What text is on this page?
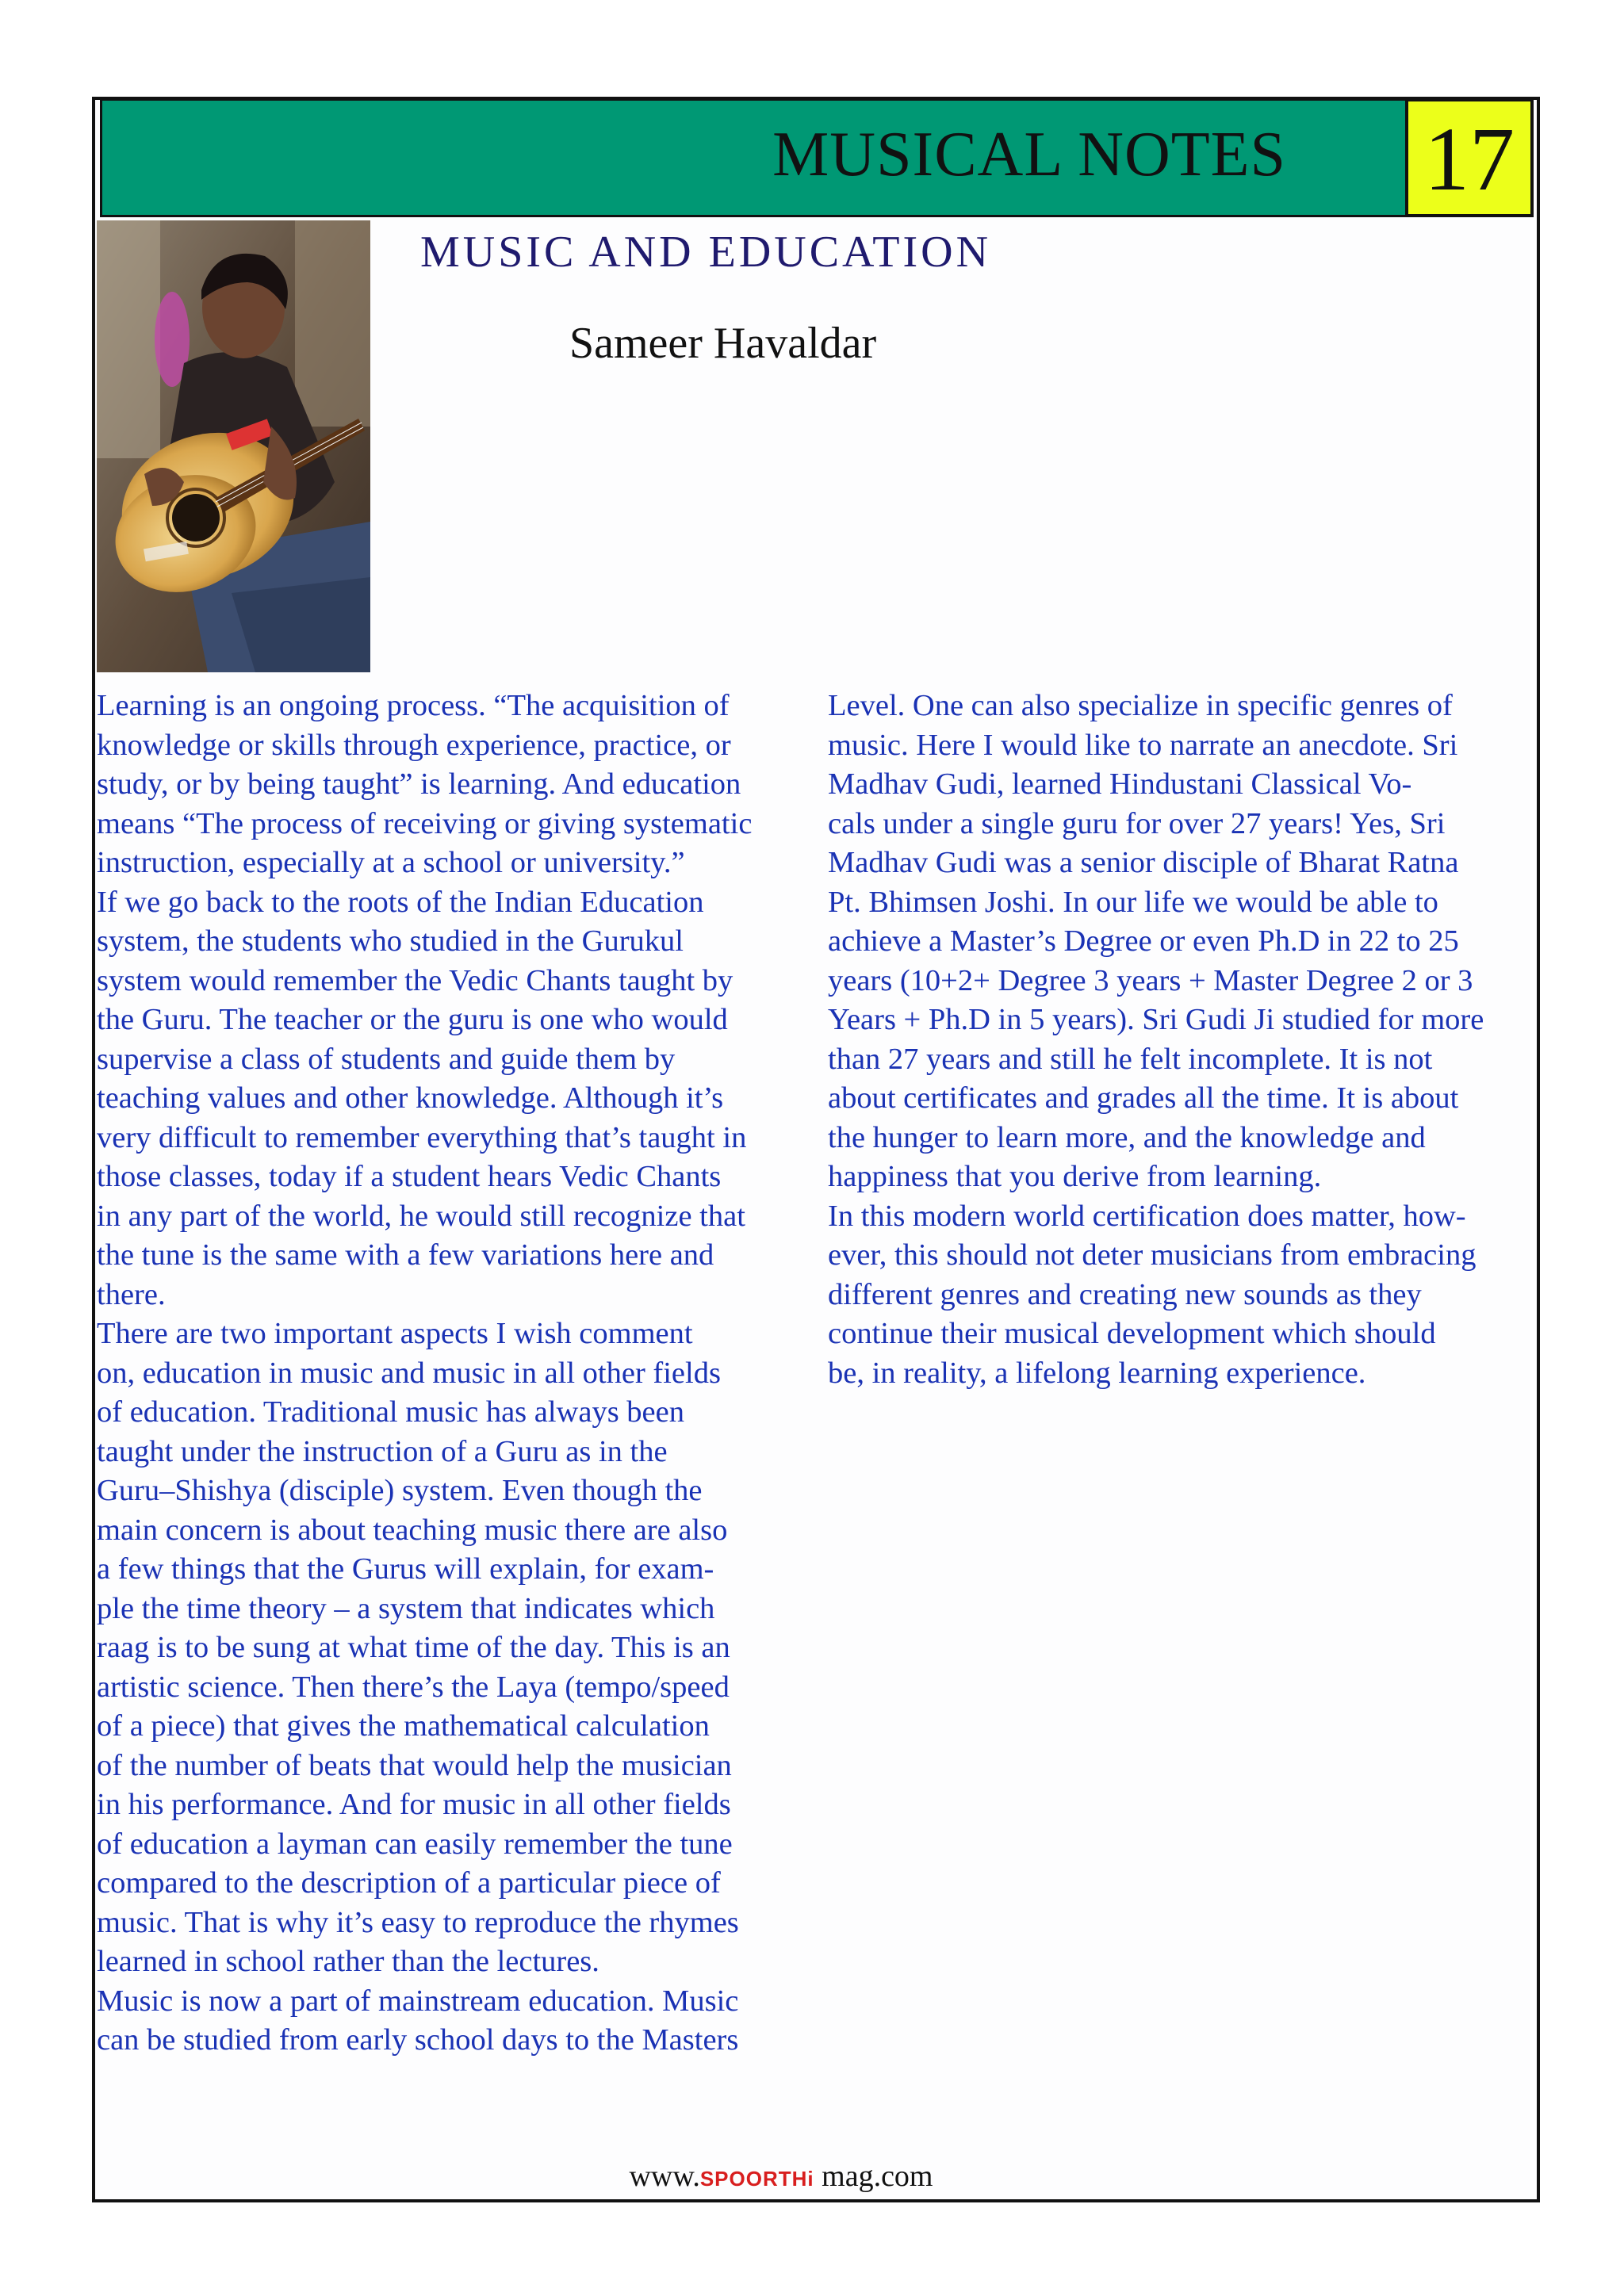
MUSICAL NOTES 17
MUSIC AND EDUCATION
Sameer Havaldar

Learning is an ongoing process. “The acquisition of

knowledge or skills through experience, practice, or

study, or by being taught” is learning. And education

means “The process of receiving or giving systematic

instruction, especially at a school or university.”

If we go back to the roots of the Indian Education

system, the students who studied in the Gurukul

system would remember the Vedic Chants taught by

the Guru. The teacher or the guru is one who would

supervise a class of students and guide them by

teaching values and other knowledge. Although it’s

very difficult to remember everything that’s taught in

those classes, today if a student hears Vedic Chants

in any part of the world, he would still recognize that

the tune is the same with a few variations here and

there.

There are two important aspects I wish comment

on, education in music and music in all other fields

of education. Traditional music has always been

taught under the instruction of a Guru as in the

Guru–Shishya (disciple) system. Even though the

main concern is about teaching music there are also

a few things that the Gurus will explain, for exam-

ple the time theory – a system that indicates which

raag is to be sung at what time of the day. This is an

artistic science. Then there’s the Laya (tempo/speed

of a piece) that gives the mathematical calculation

of the number of beats that would help the musician

in his performance. And for music in all other fields

of education a layman can easily remember the tune

compared to the description of a particular piece of

music. That is why it’s easy to reproduce the rhymes

learned in school rather than the lectures.

Music is now a part of mainstream education. Music

can be studied from early school days to the Masters

Level. One can also specialize in specific genres of

music. Here I would like to narrate an anecdote. Sri

Madhav Gudi, learned Hindustani Classical Vo-

cals under a single guru for over 27 years! Yes, Sri

Madhav Gudi was a senior disciple of Bharat Ratna

Pt. Bhimsen Joshi. In our life we would be able to

achieve a Master’s Degree or even Ph.D in 22 to 25

years (10+2+ Degree 3 years + Master Degree 2 or 3

Years + Ph.D in 5 years). Sri Gudi Ji studied for more

than 27 years and still he felt incomplete. It is not

about certificates and grades all the time. It is about

the hunger to learn more, and the knowledge and

happiness that you derive from learning.

In this modern world certification does matter, how-

ever, this should not deter musicians from embracing

different genres and creating new sounds as they

continue their musical development which should

be, in reality, a lifelong learning experience.

www.SPOORTHi mag.com
